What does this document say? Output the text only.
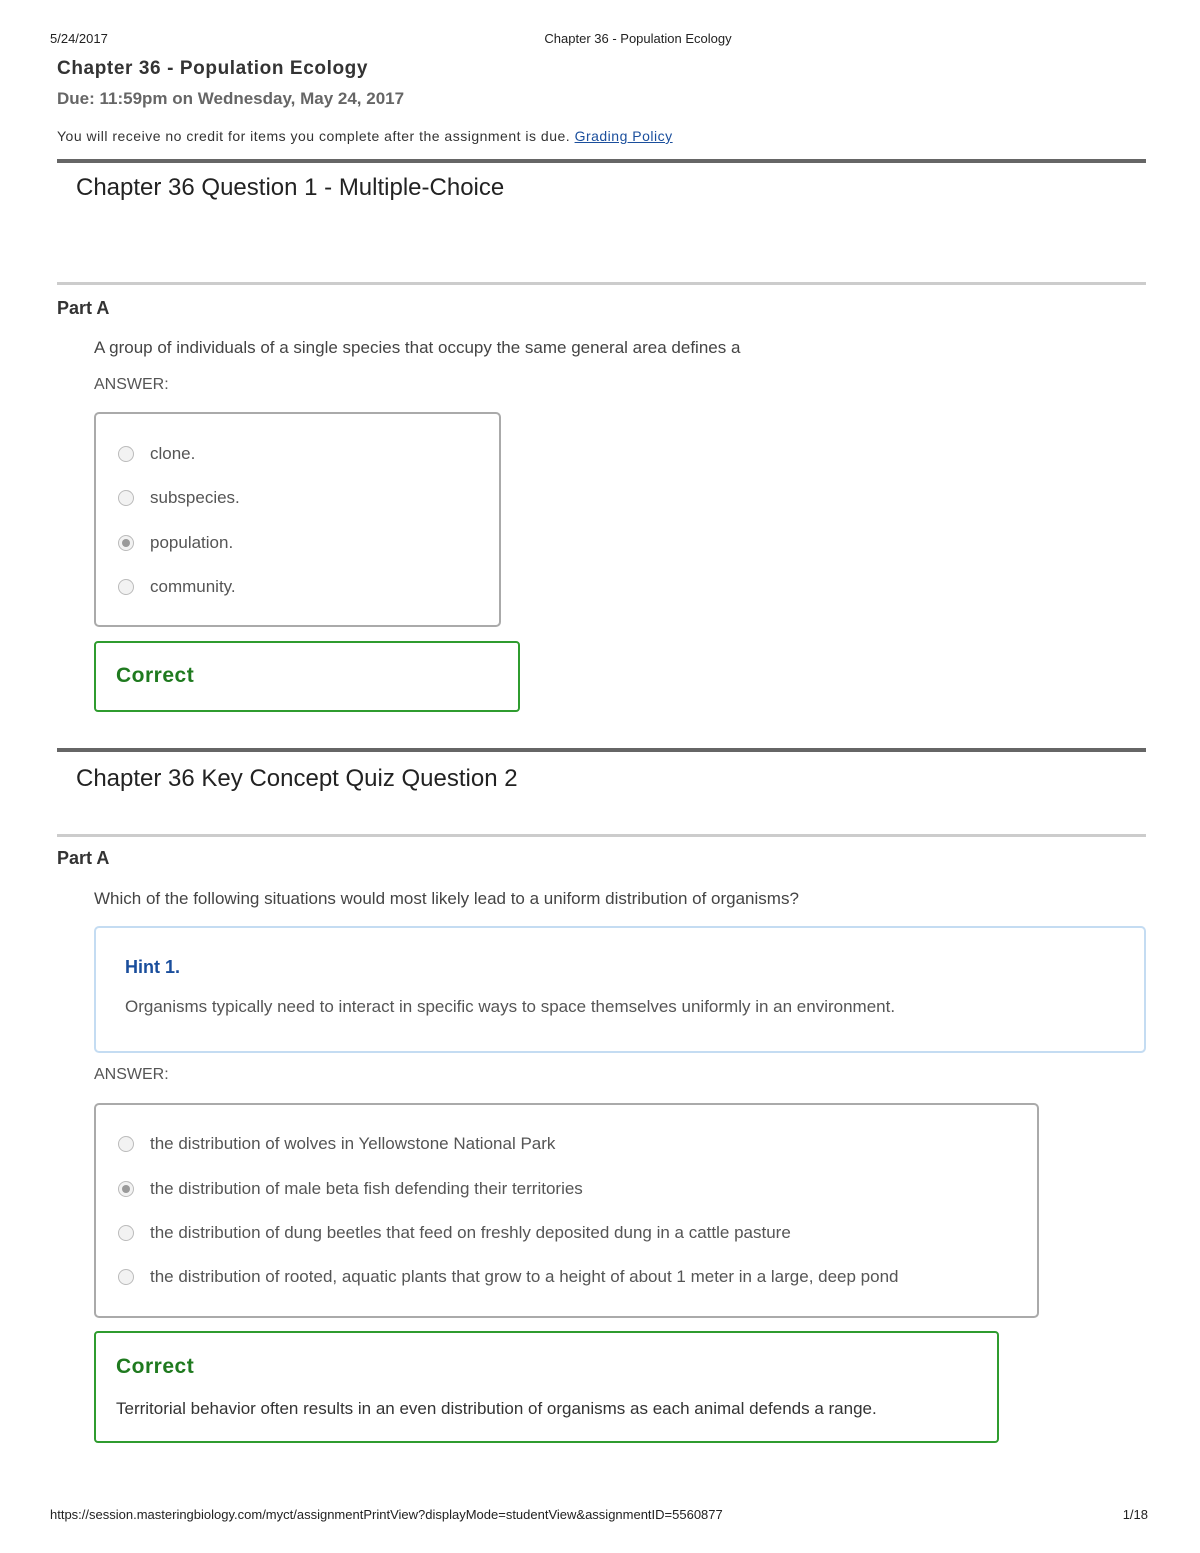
5/24/2017	Chapter 36 - Population Ecology
Chapter 36 - Population Ecology
Due: 11:59pm on Wednesday, May 24, 2017
You will receive no credit for items you complete after the assignment is due. Grading Policy
Chapter 36 Question 1 - Multiple-Choice
Part A
A group of individuals of a single species that occupy the same general area defines a
ANSWER:
clone.
subspecies.
population.
community.
Correct
Chapter 36 Key Concept Quiz Question 2
Part A
Which of the following situations would most likely lead to a uniform distribution of organisms?
Hint 1.
Organisms typically need to interact in specific ways to space themselves uniformly in an environment.
ANSWER:
the distribution of wolves in Yellowstone National Park
the distribution of male beta fish defending their territories
the distribution of dung beetles that feed on freshly deposited dung in a cattle pasture
the distribution of rooted, aquatic plants that grow to a height of about 1 meter in a large, deep pond
Correct
Territorial behavior often results in an even distribution of organisms as each animal defends a range.
https://session.masteringbiology.com/myct/assignmentPrintView?displayMode=studentView&assignmentID=5560877	1/18
